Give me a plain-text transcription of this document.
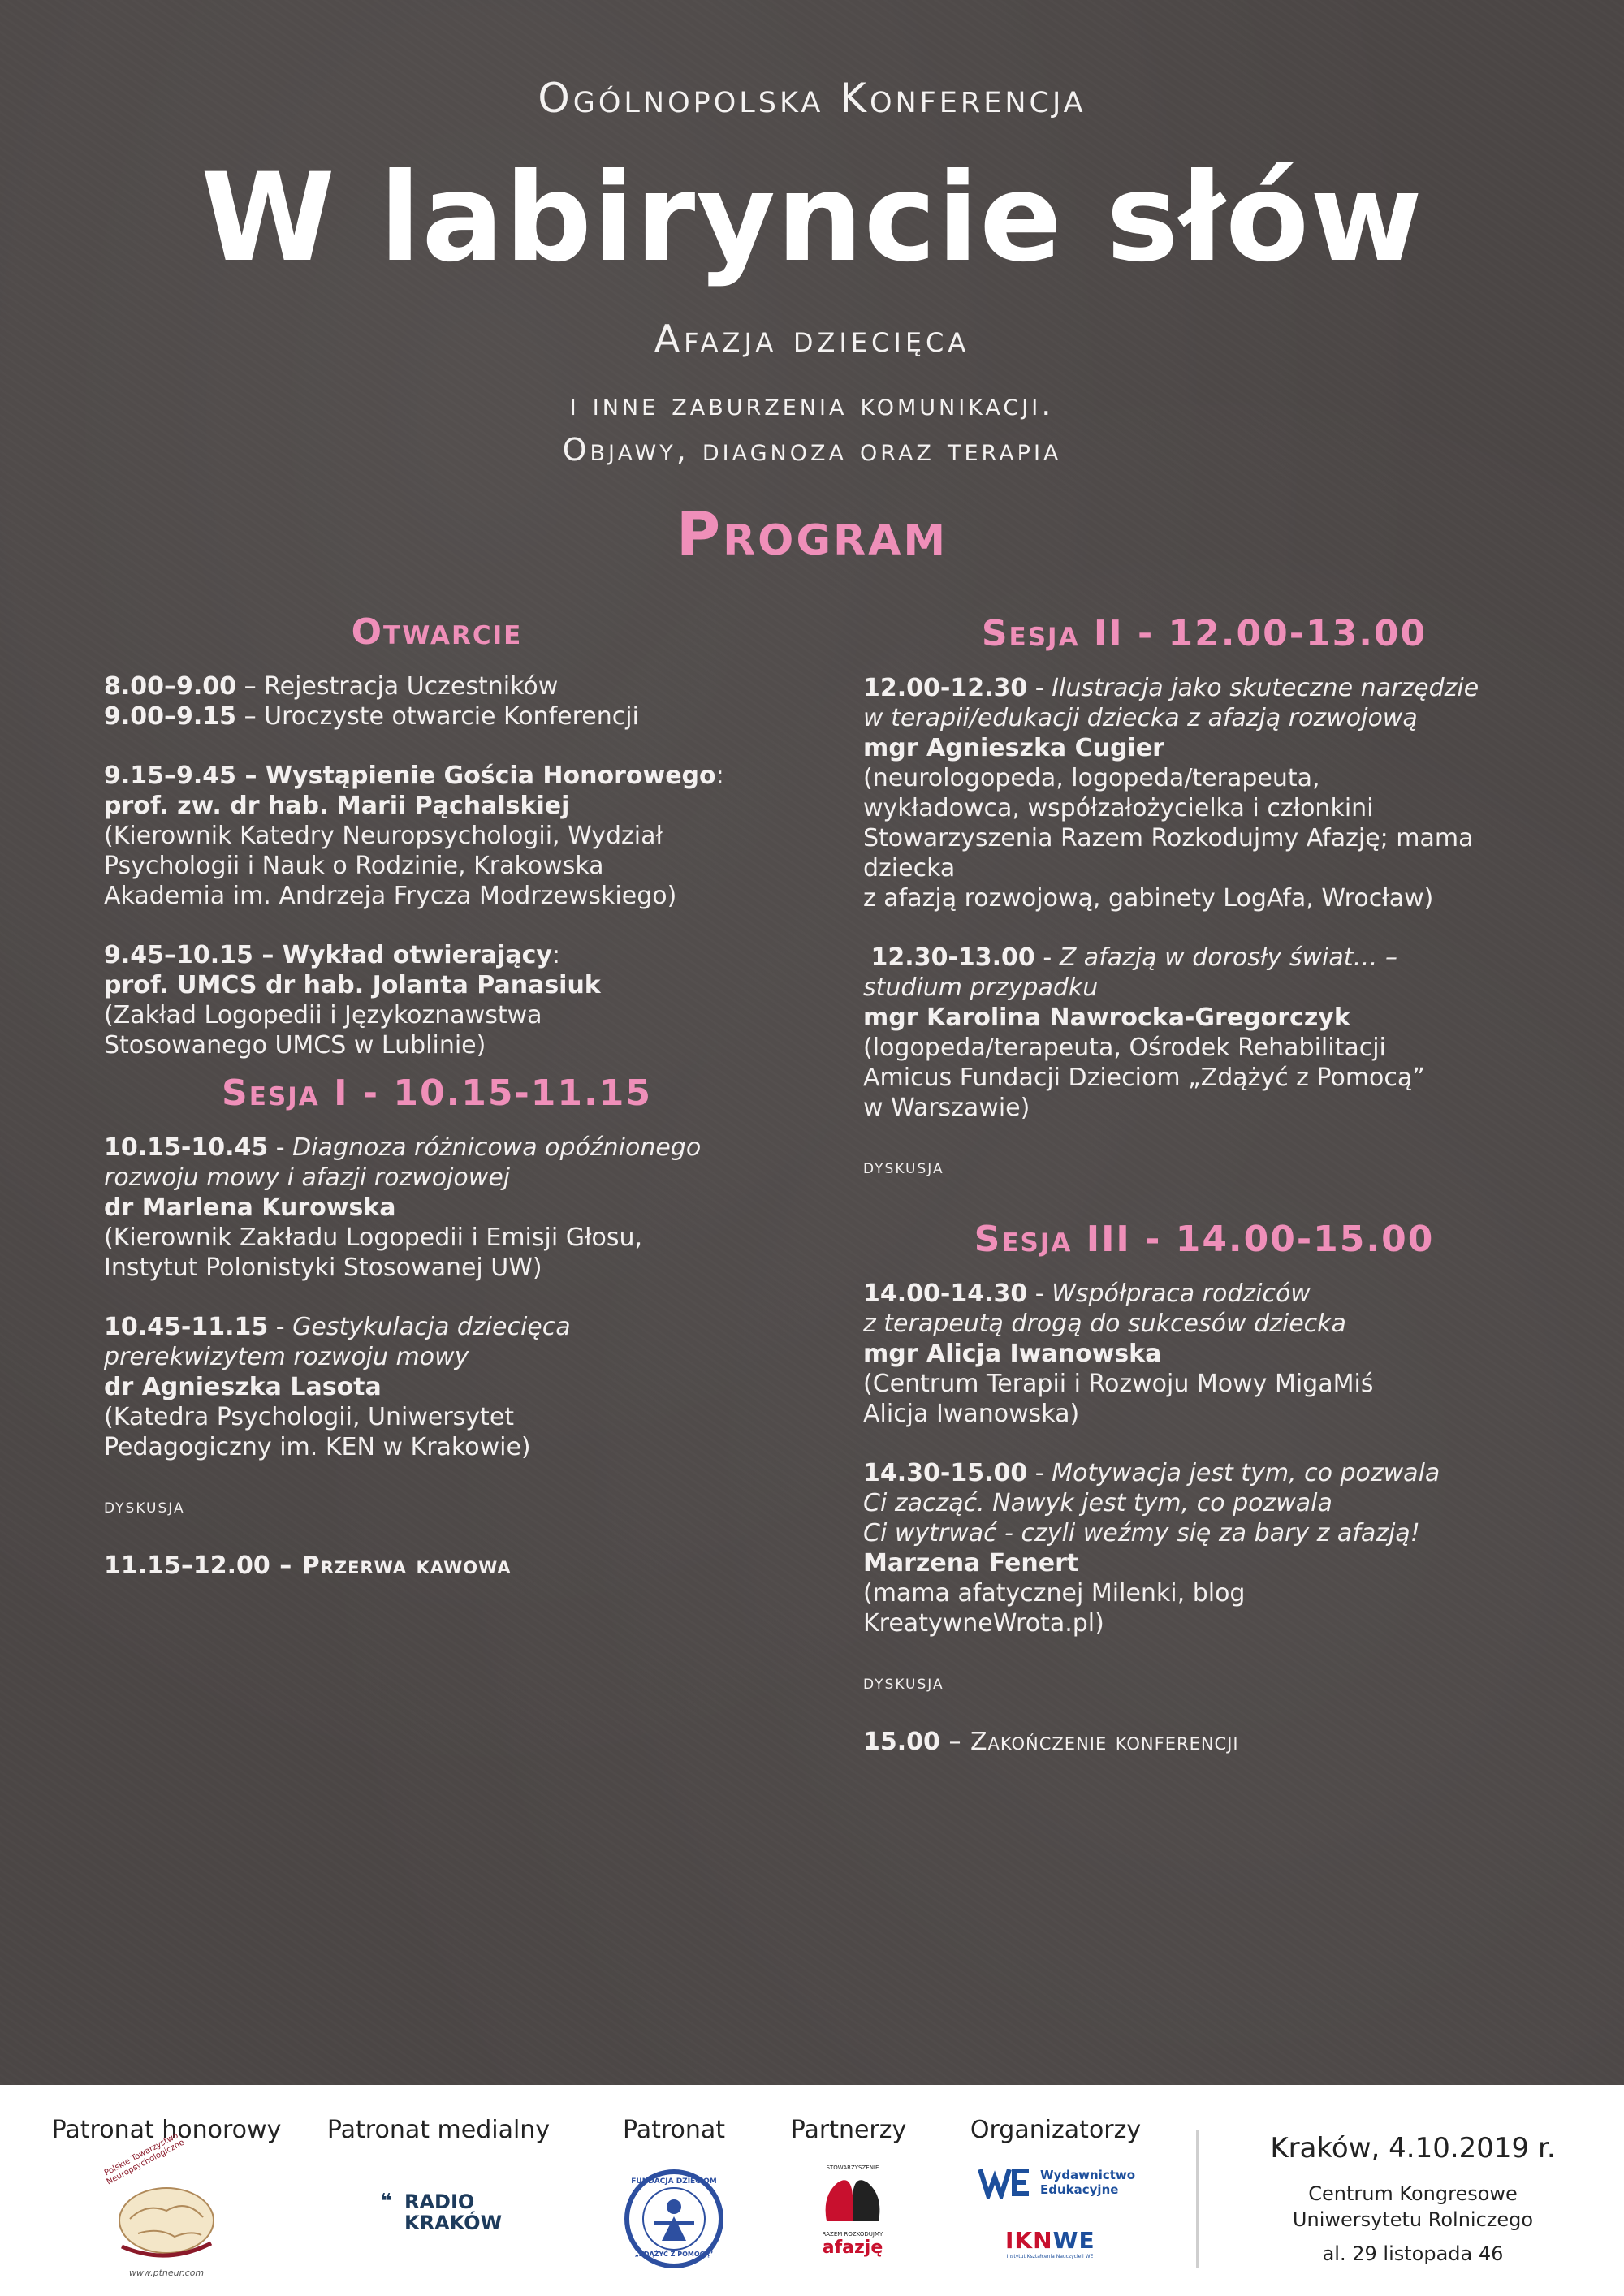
Ogólnopolska Konferencja
W labiryncie słów
Afazja dziecięca
i inne zaburzenia komunikacji.
Objawy, diagnoza oraz terapia
Program
Otwarcie
8.00–9.00 – Rejestracja Uczestników
9.00–9.15 – Uroczyste otwarcie Konferencji
9.15–9.45 – Wystąpienie Gościa Honorowego:
prof. zw. dr hab. Marii Pąchalskiej
(Kierownik Katedry Neuropsychologii, Wydział
Psychologii i Nauk o Rodzinie, Krakowska
Akademia im. Andrzeja Frycza Modrzewskiego)
9.45–10.15 – Wykład otwierający:
prof. UMCS dr hab. Jolanta Panasiuk
(Zakład Logopedii i Językoznawstwa
Stosowanego UMCS w Lublinie)
Sesja I - 10.15-11.15
10.15-10.45 - Diagnoza różnicowa opóźnionego
rozwoju mowy i afazji rozwojowej
dr Marlena Kurowska
(Kierownik Zakładu Logopedii i Emisji Głosu,
Instytut Polonistyki Stosowanej UW)
10.45-11.15 - Gestykulacja dziecięca
prerekwizytem rozwoju mowy
dr Agnieszka Lasota
(Katedra Psychologii, Uniwersytet
Pedagogiczny im. KEN w Krakowie)
dyskusja
11.15–12.00 – Przerwa kawowa
Sesja II - 12.00-13.00
12.00-12.30 - Ilustracja jako skuteczne narzędzie
w terapii/edukacji dziecka z afazją rozwojową
mgr Agnieszka Cugier
(neurologopeda, logopeda/terapeuta,
wykładowca, współzałożycielka i członkini
Stowarzyszenia Razem Rozkodujmy Afazję; mama
dziecka
z afazją rozwojową, gabinety LogAfa, Wrocław)
12.30-13.00 - Z afazją w dorosły świat… –
studium przypadku
mgr Karolina Nawrocka-Gregorczyk
(logopeda/terapeuta, Ośrodek Rehabilitacji
Amicus Fundacji Dzieciom „Zdążyć z Pomocą”
w Warszawie)
dyskusja
Sesja III - 14.00-15.00
14.00-14.30 - Współpraca rodziców
z terapeutą drogą do sukcesów dziecka
mgr Alicja Iwanowska
(Centrum Terapii i Rozwoju Mowy MigaMiś
Alicja Iwanowska)
14.30-15.00 - Motywacja jest tym, co pozwala
Ci zacząć. Nawyk jest tym, co pozwala
Ci wytrwać - czyli weźmy się za bary z afazją!
Marzena Fenert
(mama afatycznej Milenki, blog
KreatywneWrota.pl)
dyskusja
15.00 – Zakończenie konferencji
Patronat honorowy	Patronat medialny	Patronat	Partnerzy	Organizatorzy
Polskie Towarzystwo Neuropsychologiczne
www.ptneur.com
❝ RADIO
KRAKÓW
FUNDACJA DZIECIOM
„ZDĄŻYĆ Z POMOCĄ”
STOWARZYSZENIE
RAZEM ROZKODUJMY
afazję
Wydawnictwo
Edukacyjne
IKNWE
Instytut Kształcenia Nauczycieli WE
Kraków, 4.10.2019 r.
Centrum Kongresowe
Uniwersytetu Rolniczego
al. 29 listopada 46
